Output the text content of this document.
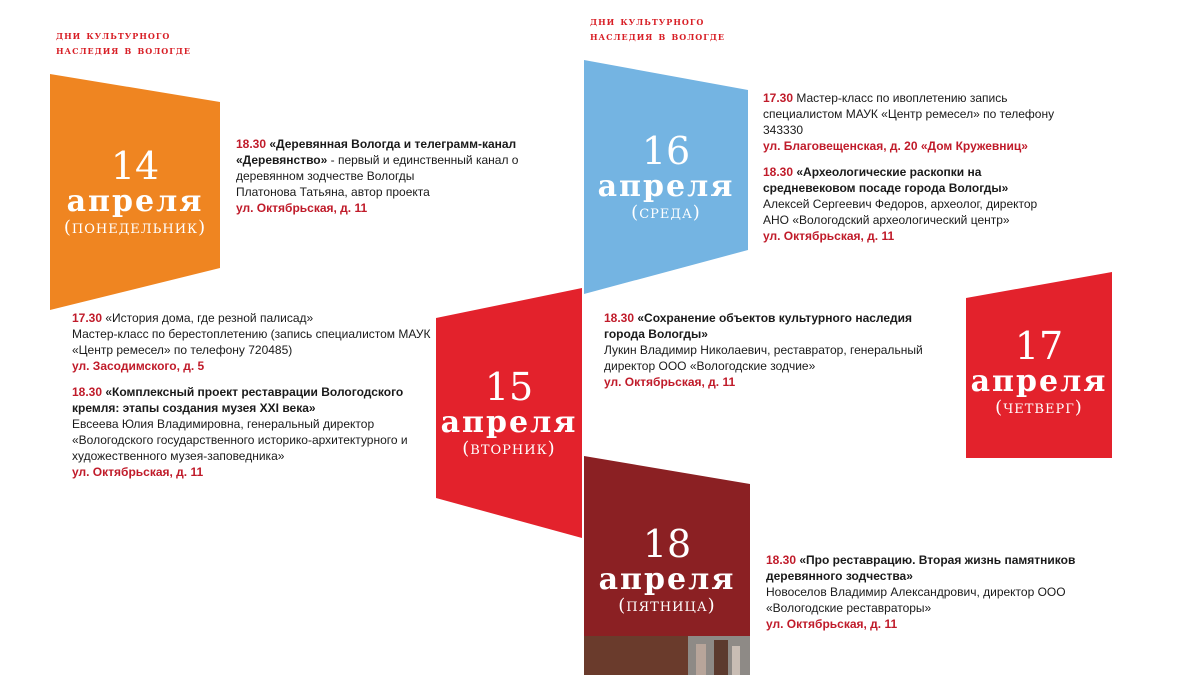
дни культурного
наследия в вологде
дни культурного
наследия в вологде
14
апреля
(понедельник)
16
апреля
(среда)
15
апреля
(вторник)
17
апреля
(четверг)
18
апреля
(пятница)
18.30 «Деревянная Вологда и телеграмм-канал «Деревянство» - первый и единственный канал о деревянном зодчестве Вологды
Платонова Татьяна, автор проекта
ул. Октябрьская, д. 11
17.30 Мастер-класс по ивоплетению запись специалистом МАУК «Центр ремесел» по телефону 343330
ул. Благовещенская, д. 20 «Дом Кружевниц»
18.30 «Археологические раскопки на средневековом посаде города Вологды»
Алексей Сергеевич Федоров, археолог, директор АНО «Вологодский археологический центр»
ул. Октябрьская, д. 11
17.30 «История дома, где резной палисад»
Мастер-класс по берестоплетению (запись специалистом МАУК «Центр ремесел» по телефону 720485)
ул. Засодимского, д. 5
18.30 «Комплексный проект реставрации Вологодского кремля: этапы создания музея XXI века»
Евсеева Юлия Владимировна, генеральный директор «Вологодского государственного историко-архитектурного и художественного музея-заповедника»
ул. Октябрьская, д. 11
18.30 «Сохранение объектов культурного наследия города Вологды»
Лукин Владимир Николаевич, реставратор, генеральный директор ООО «Вологодские зодчие»
ул. Октябрьская, д. 11
18.30 «Про реставрацию. Вторая жизнь памятников деревянного зодчества»
Новоселов Владимир Александрович, директор ООО «Вологодские реставраторы»
ул. Октябрьская, д. 11
